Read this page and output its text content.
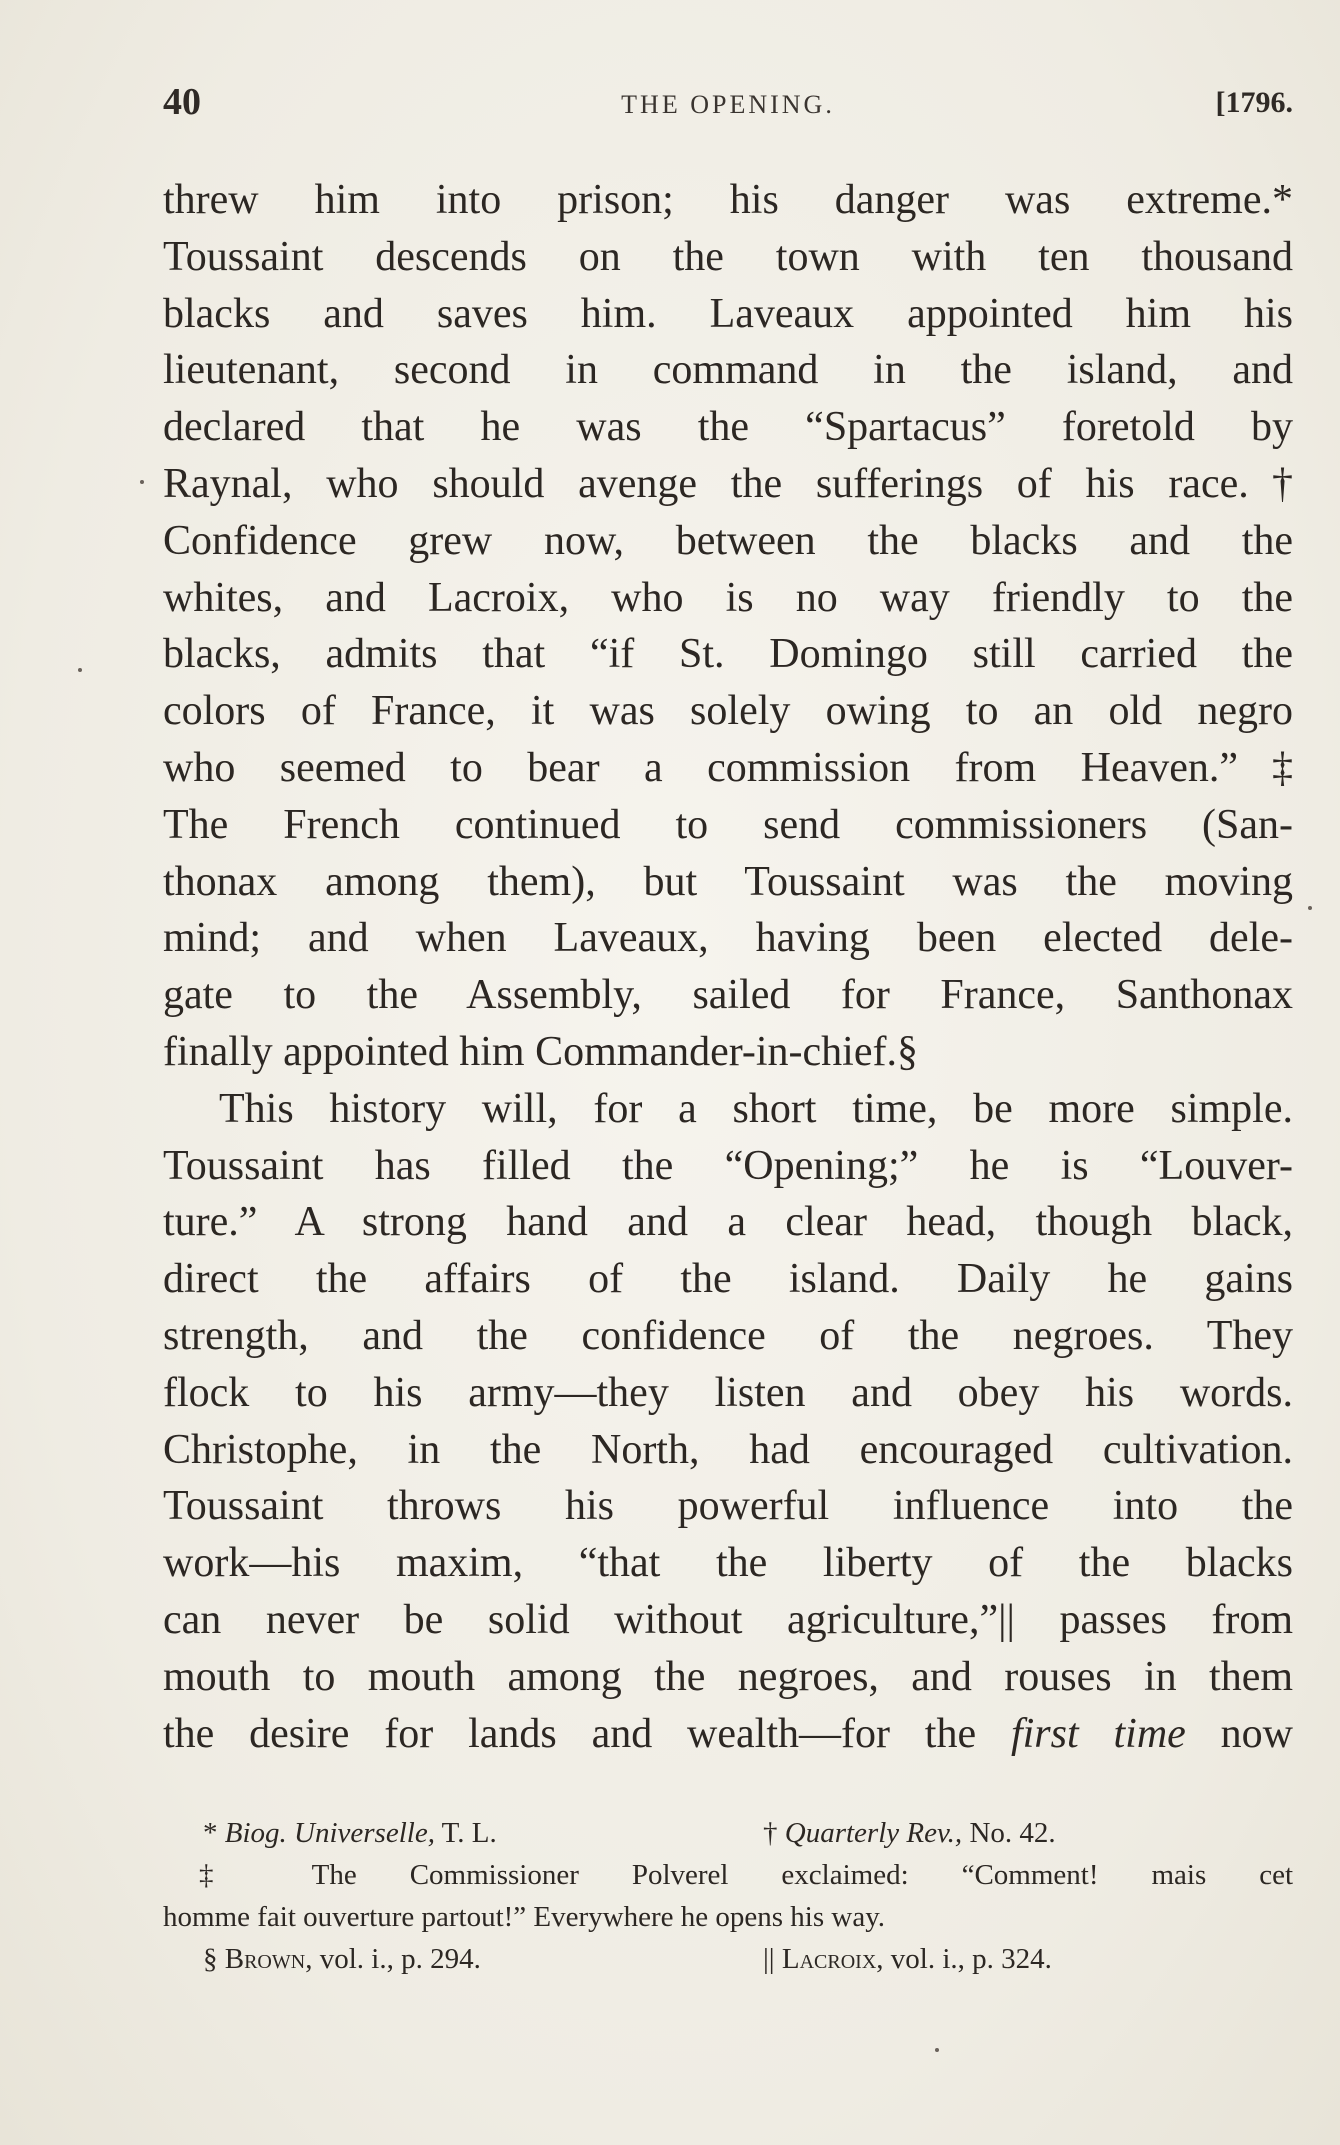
40	THE OPENING.	[1796.
threw him into prison; his danger was extreme.*
Toussaint descends on the town with ten thousand
blacks and saves him. Laveaux appointed him his
lieutenant, second in command in the island, and
declared that he was the “Spartacus” foretold by
Raynal, who should avenge the sufferings of his race.†
Confidence grew now, between the blacks and the
whites, and Lacroix, who is no way friendly to the
blacks, admits that “if St. Domingo still carried the
colors of France, it was solely owing to an old negro
who seemed to bear a commission from Heaven.”‡
The French continued to send commissioners (San-
thonax among them), but Toussaint was the moving
mind; and when Laveaux, having been elected dele-
gate to the Assembly, sailed for France, Santhonax
finally appointed him Commander-in-chief.§
This history will, for a short time, be more simple.
Toussaint has filled the “Opening;” he is “Louver-
ture.” A strong hand and a clear head, though black,
direct the affairs of the island. Daily he gains
strength, and the confidence of the negroes. They
flock to his army—they listen and obey his words.
Christophe, in the North, had encouraged cultivation.
Toussaint throws his powerful influence into the
work—his maxim, “that the liberty of the blacks
can never be solid without agriculture,”|| passes from
mouth to mouth among the negroes, and rouses in them
the desire for lands and wealth—for the first time now
* Biog. Universelle, T. L.	† Quarterly Rev., No. 42.
‡ The Commissioner Polverel exclaimed: “Comment! mais cet
homme fait ouverture partout!” Everywhere he opens his way.
§ Brown, vol. i., p. 294.	|| Lacroix, vol. i., p. 324.
